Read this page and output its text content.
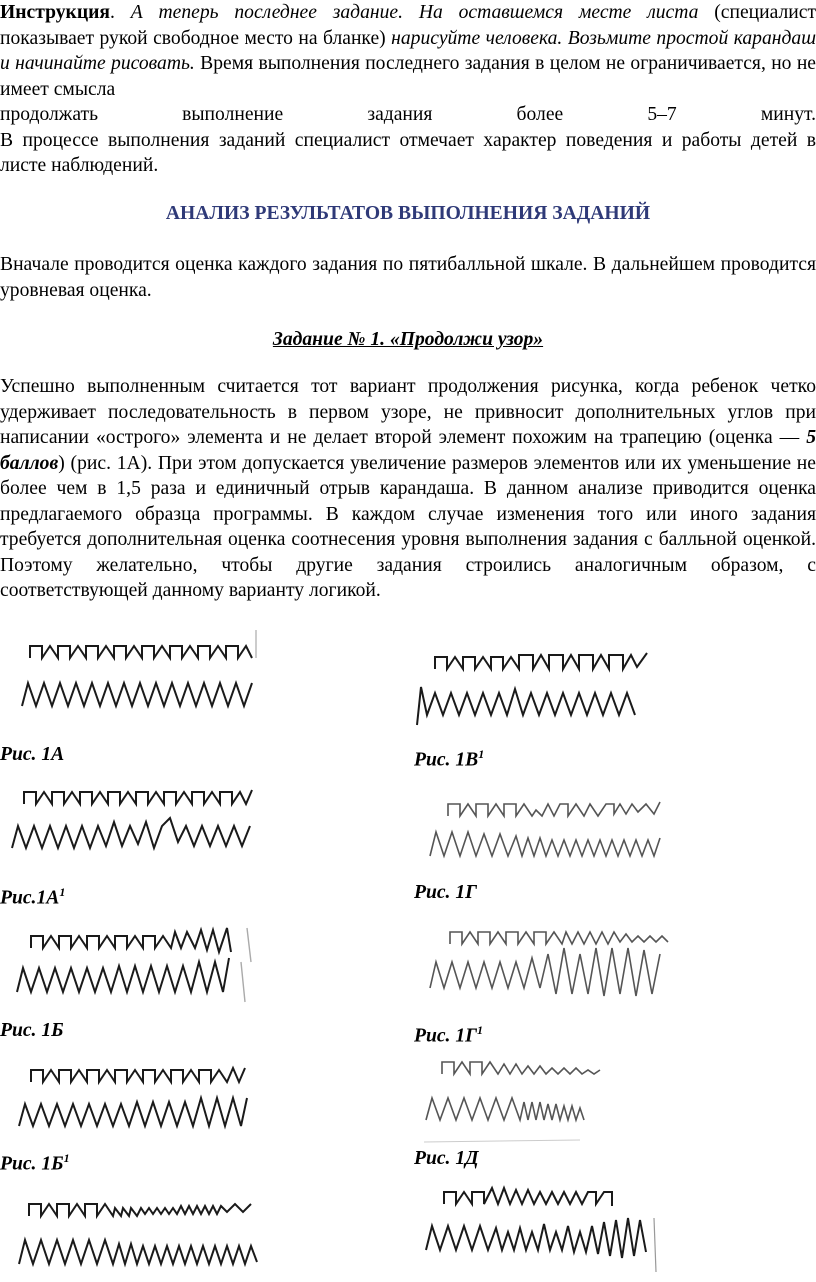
Инструкция. А теперь последнее задание. На оставшемся месте листа (специалист показывает рукой свободное место на бланке) нарисуйте человека. Возьмите простой карандаш и начинайте рисовать. Время выполнения последнего задания в целом не ограничивается, но не имеет смысла

продолжать	выполнение	задания	более	5–7	минут.

В процессе выполнения заданий специалист отмечает характер поведения и работы детей в листе наблюдений.

АНАЛИЗ РЕЗУЛЬТАТОВ ВЫПОЛНЕНИЯ ЗАДАНИЙ

Вначале проводится оценка каждого задания по пятибалльной шкале. В дальнейшем проводится уровневая оценка.

Задание № 1. «Продолжи узор»

Успешно выполненным считается тот вариант продолжения рисунка, когда ребенок четко удерживает последовательность в первом узоре, не привносит дополнительных углов при написании «острого» элемента и не делает второй элемент похожим на трапецию (оценка — 5 баллов) (рис. 1А). При этом допускается увеличение размеров элементов или их уменьшение не более чем в 1,5 раза и единичный отрыв карандаша. В данном анализе приводится оценка предлагаемого образца программы. В каждом случае изменения того или иного задания требуется дополнительная оценка соотнесения уровня выполнения задания с балльной оценкой. Поэтому желательно, чтобы другие задания строились аналогичным образом, с соответствующей данному варианту логикой.

Рис. 1А	Рис. $1В^1$
$Рис.1А^1$	Рис. 1Г
Рис. 1Б	Рис. $1Г^1$
Рис. $1Б^1$	Рис. 1Д
